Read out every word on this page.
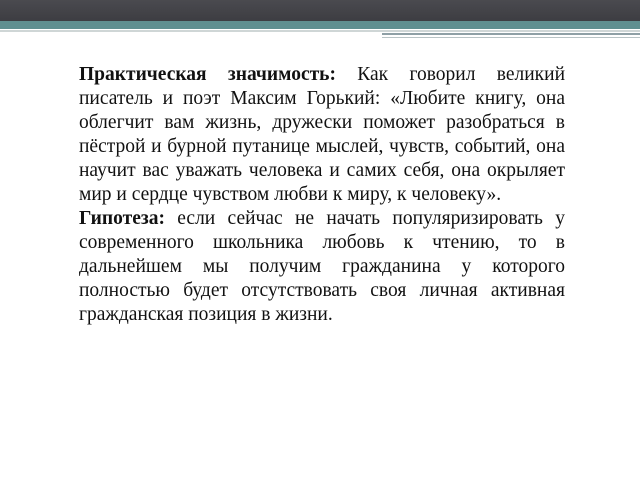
Практическая значимость: Как говорил великий писатель и поэт Максим Горький: «Любите книгу, она облегчит вам жизнь, дружески поможет разобраться в пёстрой и бурной путанице мыслей, чувств, событий, она научит вас уважать человека и самих себя, она окрыляет мир и сердце чувством любви к миру, к человеку».

Гипотеза: если сейчас не начать популяризировать у современного школьника любовь к чтению, то в дальнейшем мы получим гражданина у которого полностью будет отсутствовать своя личная активная гражданская позиция в жизни.
